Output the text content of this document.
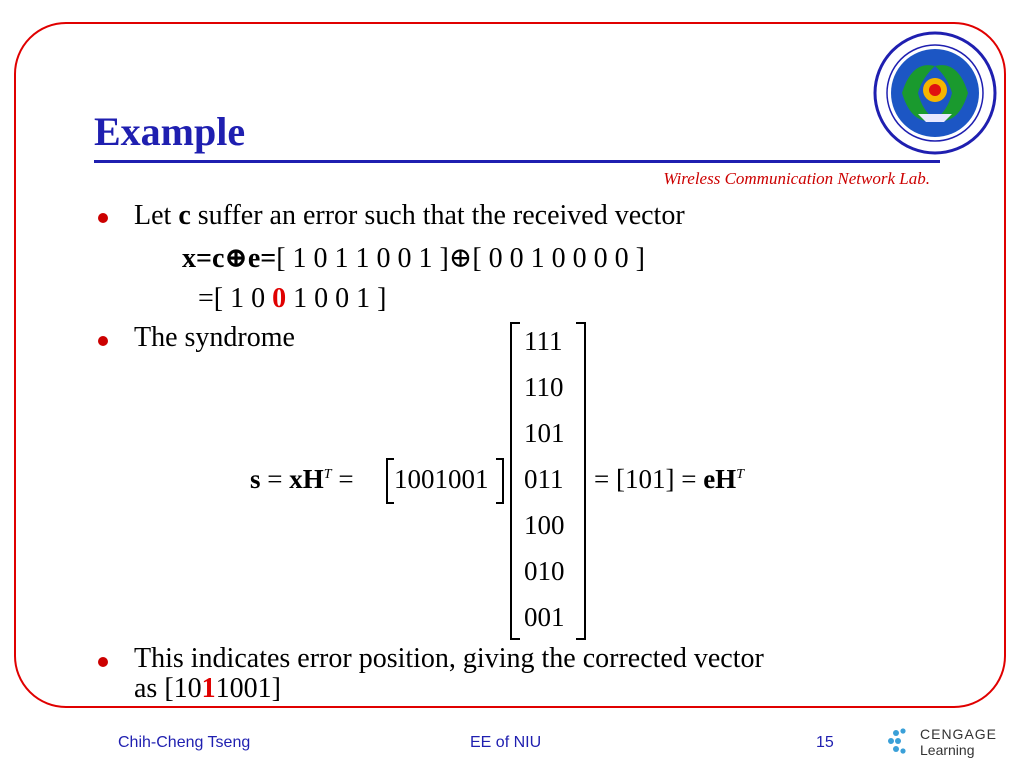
Example
Wireless Communication Network Lab.
Let c suffer an error such that the received vector
x=c⊕e=[ 1 0 1 1 0 0 1 ]⊕[ 0 0 1 0 0 0 0 ]
=[ 1 0 0 1 0 0 1 ]
The syndrome
$s = xH^T = 1001001$
111
110
101
011
100
010
001
= $[101] = eH^T$
This indicates error position, giving the corrected vector
as [1011001]
Chih-Cheng Tseng	EE of NIU	15	CENGAGE
Learning
